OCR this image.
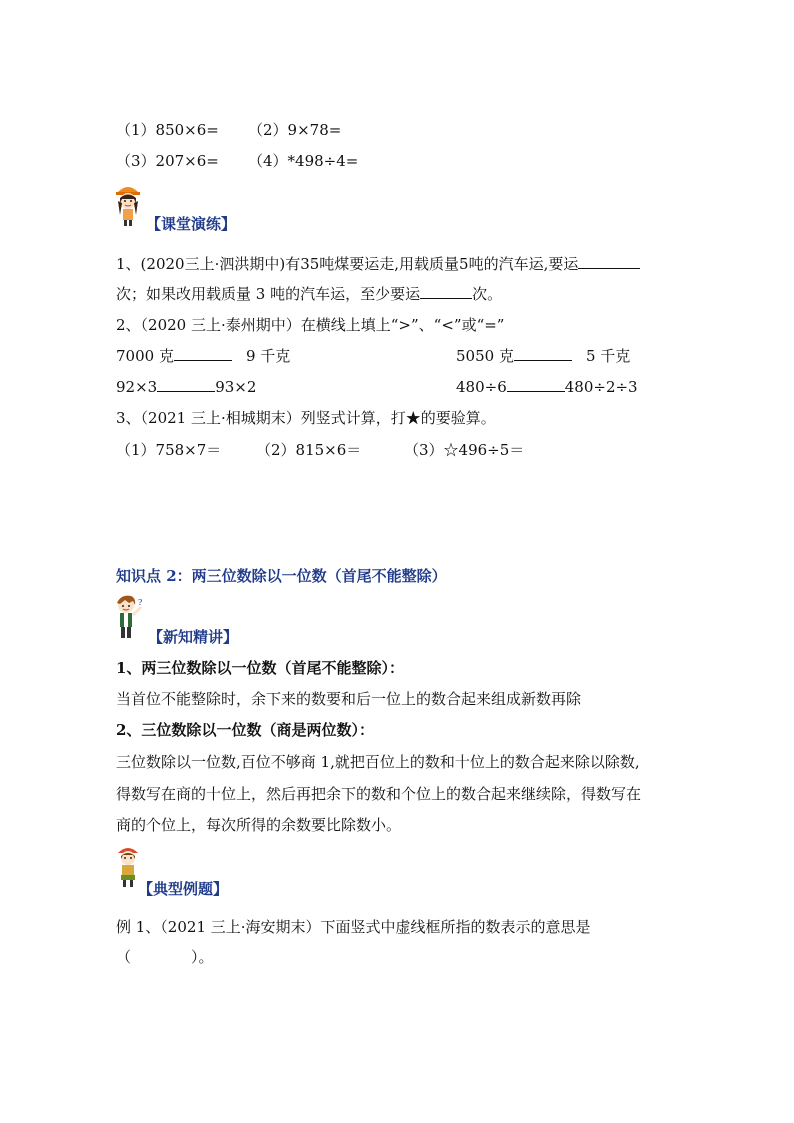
（1）850×6= （2）9×78=
（3）207×6= （4）*498÷4=
【课堂演练】
1、(2020三上·泗洪期中)有35吨煤要运走,用载质量5吨的汽车运,要运
次；如果改用载质量 3 吨的汽车运，至少要运	次。
2、（2020 三上·泰州期中）在横线上填上“>”、“<”或“=”
7000 克	9 千克	5050 克	5 千克
92×3	93×2	480÷6	480÷2÷3
3、（2021 三上·相城期末）列竖式计算，打★的要验算。
（1）758×7＝ （2）815×6＝	（3）☆496÷5＝
知识点 2：两三位数除以一位数（首尾不能整除）
?
【新知精讲】
1、两三位数除以一位数（首尾不能整除）：
当首位不能整除时，余下来的数要和后一位上的数合起来组成新数再除
2、三位数除以一位数（商是两位数）：
三位数除以一位数,百位不够商 1,就把百位上的数和十位上的数合起来除以除数,
得数写在商的十位上，然后再把余下的数和个位上的数合起来继续除，得数写在
商的个位上，每次所得的余数要比除数小。
【典型例题】
例 1、（2021 三上·海安期末）下面竖式中虚线框所指的数表示的意思是
（　　　　）。
